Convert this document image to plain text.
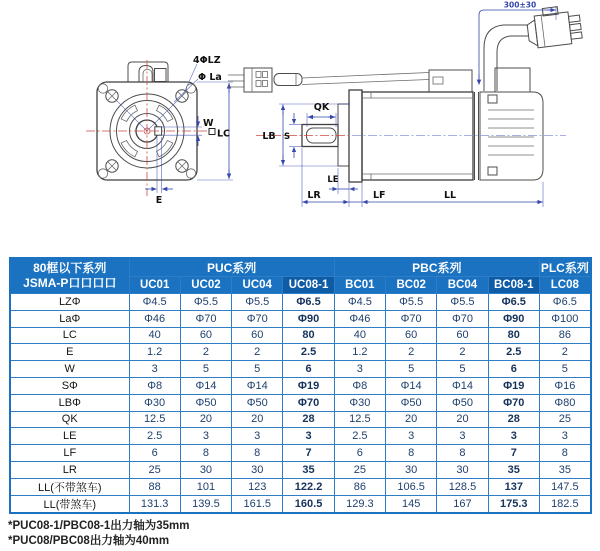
W
LC
E
4ΦLZ
Φ La
300±30
LB S
QK
LE
LR	LF	LL
80框以下系列
JSMA-P口口口口	PUC系列				PBC系列				PLC系列
	UC01	UC02	UC04	UC08-1	BC01	BC02	BC04	BC08-1	LC08
LZΦ	Φ4.5	Φ5.5	Φ5.5	Φ6.5	Φ4.5	Φ5.5	Φ5.5	Φ6.5	Φ6.5
LaΦ	Φ46	Φ70	Φ70	Φ90	Φ46	Φ70	Φ70	Φ90	Φ100
LC	40	60	60	80	40	60	60	80	86
E	1.2	2	2	2.5	1.2	2	2	2.5	2
W	3	5	5	6	3	5	5	6	5
SΦ	Φ8	Φ14	Φ14	Φ19	Φ8	Φ14	Φ14	Φ19	Φ16
LBΦ	Φ30	Φ50	Φ50	Φ70	Φ30	Φ50	Φ50	Φ70	Φ80
QK	12.5	20	20	28	12.5	20	20	28	25
LE	2.5	3	3	3	2.5	3	3	3	3
LF	6	8	8	7	6	8	8	7	8
LR	25	30	30	35	25	30	30	35	35
LL(不带煞车)	88	101	123	122.2	86	106.5	128.5	137	147.5
LL(带煞车)	131.3	139.5	161.5	160.5	129.3	145	167	175.3	182.5
*PUC08-1/PBC08-1出力轴为35mm
*PUC08/PBC08出力轴为40mm
